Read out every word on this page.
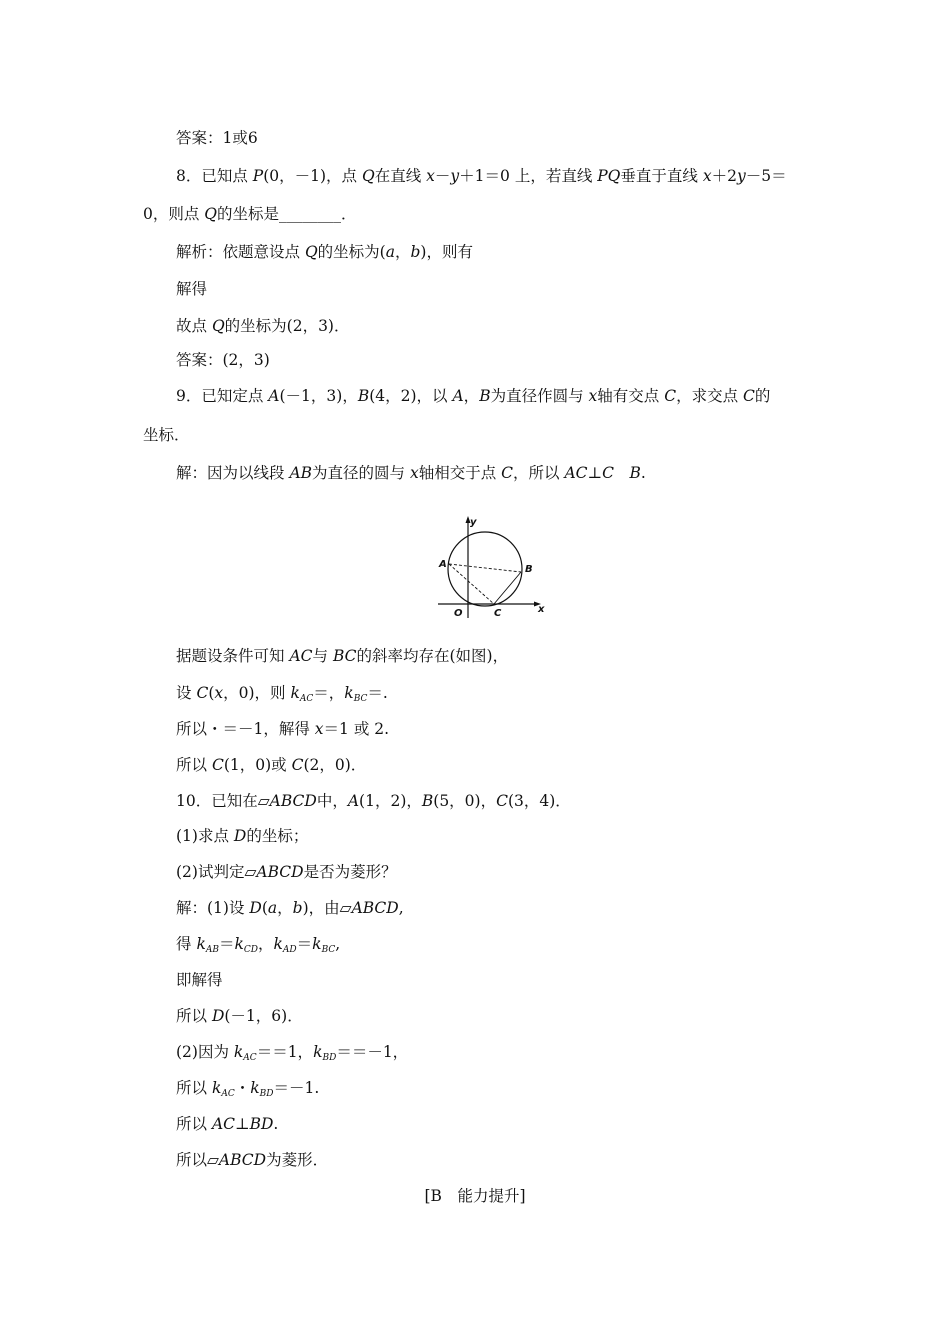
答案：1或6
8．已知点 P(0，－1)，点 Q在直线 x－y＋1＝0 上，若直线 PQ垂直于直线 x＋2y－5＝
0，则点 Q的坐标是________．
解析：依题意设点 Q的坐标为(a，b)，则有
解得
故点 Q的坐标为(2，3)．
答案：(2，3)
9．已知定点 A(－1，3)，B(4，2)，以 A，B为直径作圆与 x轴有交点 C，求交点 C的
坐标．
解：因为以线段 AB为直径的圆与 x轴相交于点 C，所以 AC⊥C　 B.
y
x
O
A	B
C
据题设条件可知 AC与 BC的斜率均存在(如图)，
设 C(x，0)，则 $k_{AC}=$，$k_{BC}=$.
所以・＝－1，解得 x＝1 或 2.
所以 C(1，0)或 C(2，0)．
10．已知在▱ABCD中，A(1，2)，B(5，0)，C(3，4)．
(1)求点 D的坐标；
(2)试判定▱ABCD是否为菱形？
解：(1)设 D(a，b)，由▱ABCD,
得 $k_{AB}=k_{CD}$，$k_{AD}=k_{BC}$,
即解得
所以 D(－1，6)．
(2)因为 $k_{AC}==1$，$k_{BD}==-1$，
所以 $k_{AC}$・$k_{BD}=-1$.
所以 AC⊥BD.
所以▱ABCD为菱形．
[B　能力提升]
